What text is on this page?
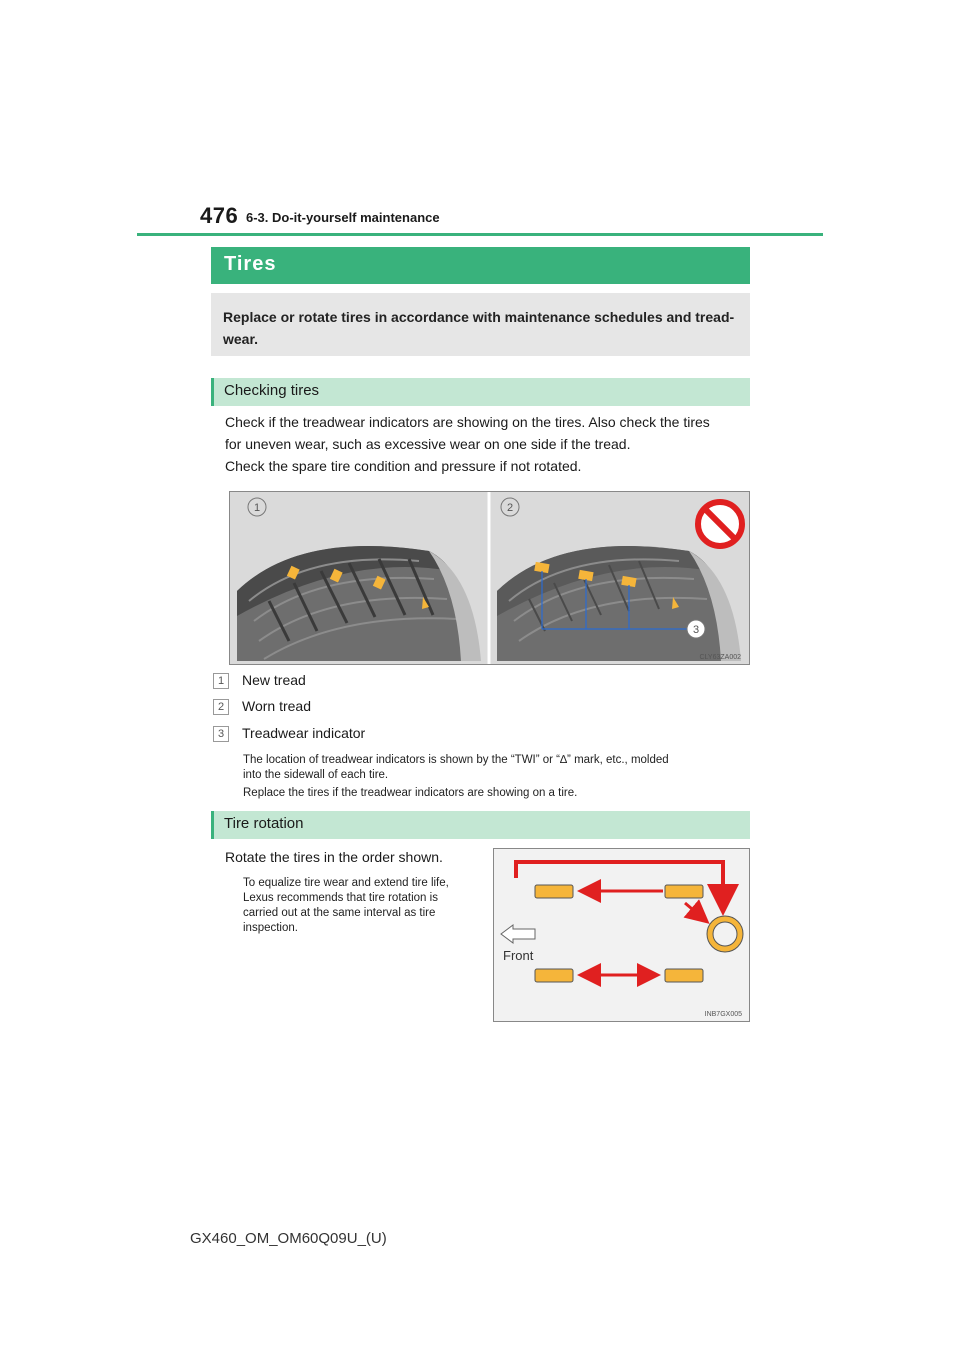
476 6-3. Do-it-yourself maintenance
Tires
Replace or rotate tires in accordance with maintenance schedules and tread-wear.
Checking tires
Check if the treadwear indicators are showing on the tires. Also check the tires
for uneven wear, such as excessive wear on one side if the tread.
Check the spare tire condition and pressure if not rotated.
1	2
3
CLY63ZA002
1	New tread
2	Worn tread
3	Treadwear indicator
The location of treadwear indicators is shown by the “TWI” or “∆” mark, etc., molded
into the sidewall of each tire.
Replace the tires if the treadwear indicators are showing on a tire.
Tire rotation
Rotate the tires in the order shown.
To equalize tire wear and extend tire life,
Lexus recommends that tire rotation is
carried out at the same interval as tire
inspection.
Front
INB7GX005
GX460_OM_OM60Q09U_(U)
